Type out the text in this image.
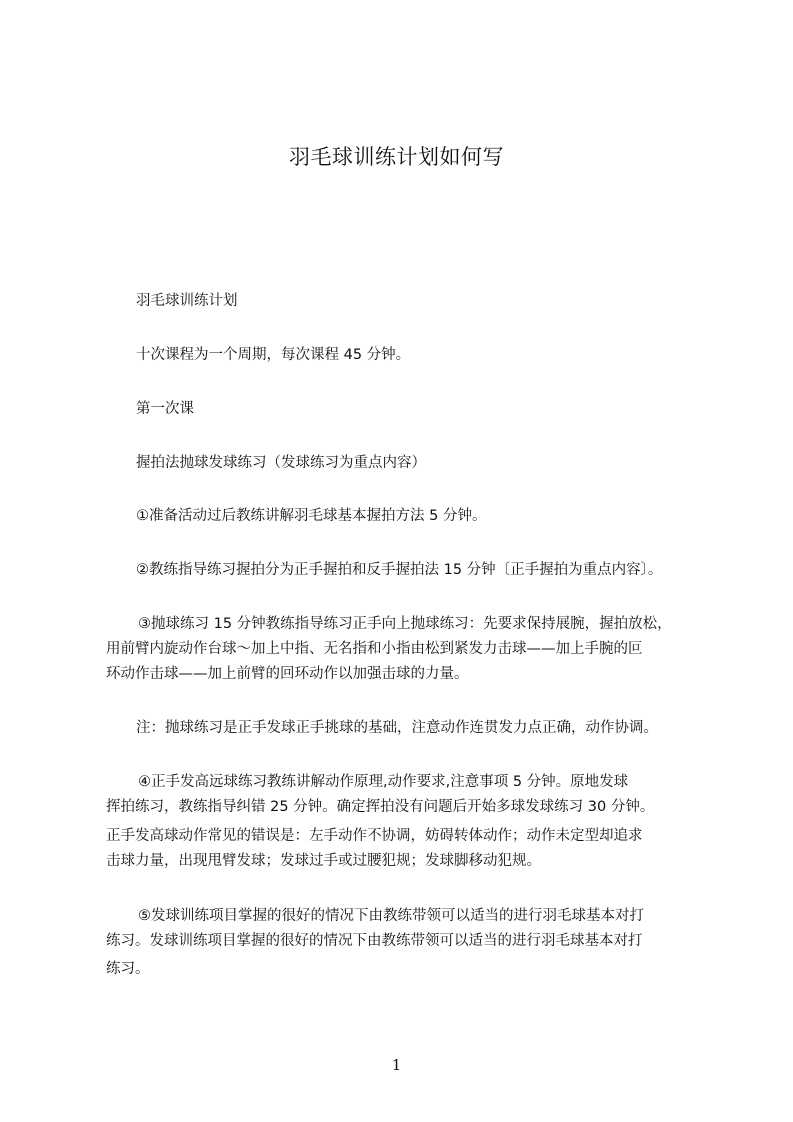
羽毛球训练计划如何写
羽毛球训练计划
十次课程为一个周期，每次课程 45 分钟。
第一次课
握拍法抛球发球练习（发球练习为重点内容）
①准备活动过后教练讲解羽毛球基本握拍方法 5 分钟。
②教练指导练习握拍分为正手握拍和反手握拍法 15 分钟〔正手握拍为重点内容〕。
③抛球练习 15 分钟教练指导练习正手向上抛球练习：先要求保持展腕，握拍放松，
用前臂内旋动作台球～加上中指、无名指和小指由松到紧发力击球——加上手腕的叵
环动作击球——加上前臂的回环动作以加强击球的力量。
注：抛球练习是正手发球正手挑球的基础，注意动作连贯发力点正确，动作协调。
④正手发高远球练习教练讲解动作原理,动作要求,注意事项 5 分钟。原地发球
挥拍练习，教练指导纠错 25 分钟。确定挥拍没有问题后开始多球发球练习 30 分钟。
正手发高球动作常见的错误是：左手动作不协调，妨碍转体动作；动作未定型却追求
击球力量，出现甩臂发球；发球过手或过腰犯规；发球脚移动犯规。
⑤发球训练项目掌握的很好的情况下由教练带领可以适当的进行羽毛球基本对打
练习。发球训练项目掌握的很好的情况下由教练带领可以适当的进行羽毛球基本对打
练习。
1
